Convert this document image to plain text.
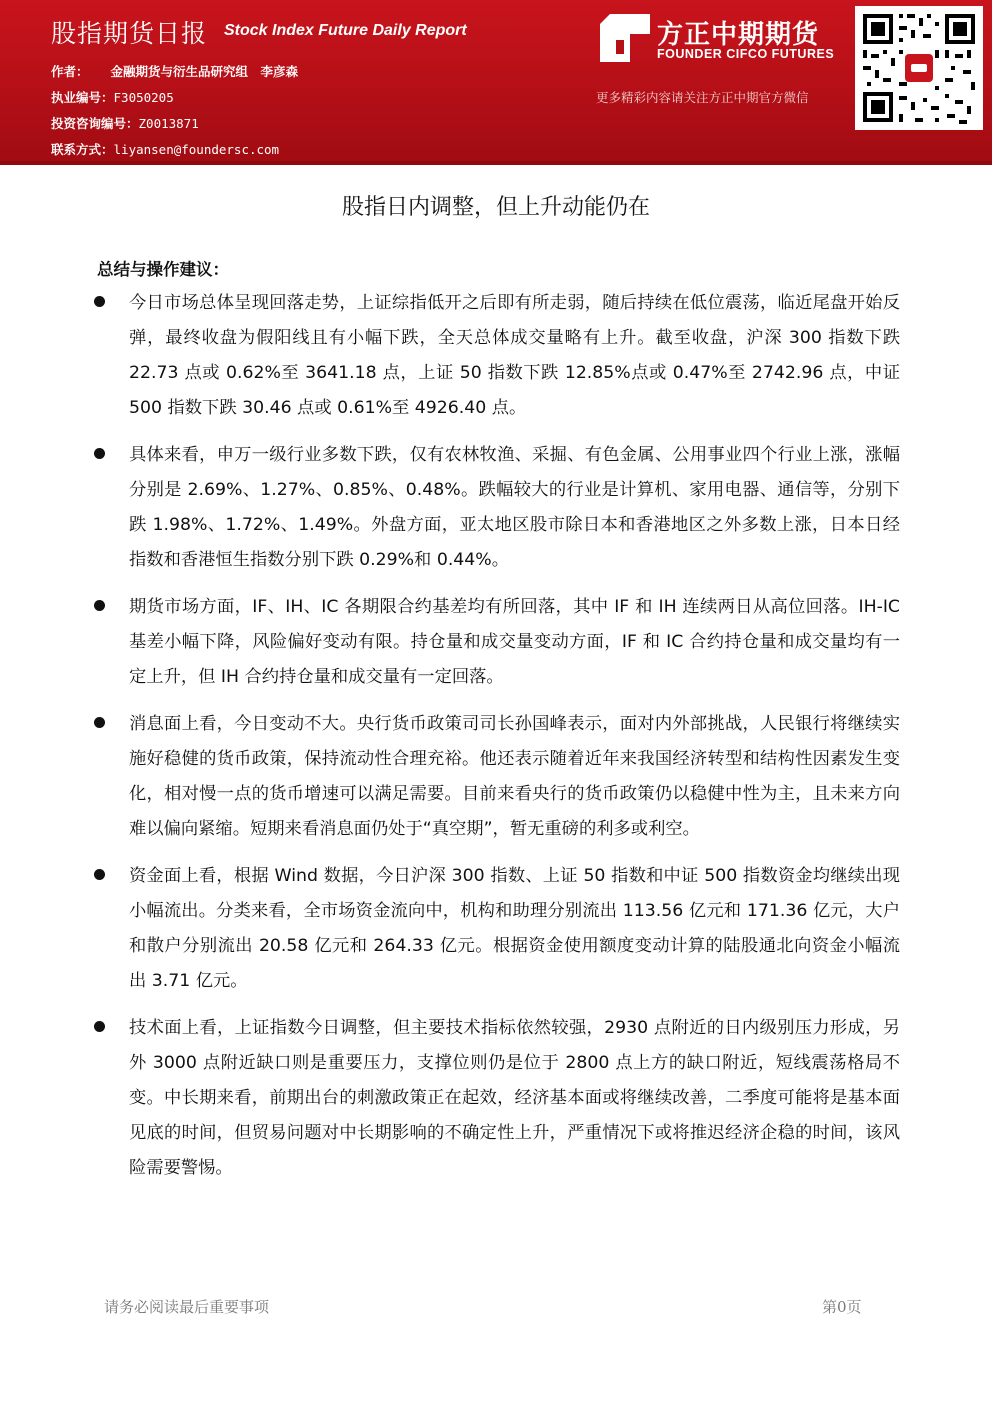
股指期货日报 Stock Index Future Daily Report
作者： 金融期货与衍生品研究组　李彦森
执业编号：F3050205
投资咨询编号：Z0013871
联系方式：liyansen@foundersc.com
方正中期期货
FOUNDER CIFCO FUTURES
更多精彩内容请关注方正中期官方微信
股指日内调整，但上升动能仍在
总结与操作建议：
今日市场总体呈现回落走势，上证综指低开之后即有所走弱，随后持续在低位震荡，临近尾盘开始反弹，最终收盘为假阳线且有小幅下跌，全天总体成交量略有上升。截至收盘，沪深 300 指数下跌 22.73 点或 0.62%至 3641.18 点，上证 50 指数下跌 12.85%点或 0.47%至 2742.96 点，中证 500 指数下跌 30.46 点或 0.61%至 4926.40 点。
具体来看，申万一级行业多数下跌，仅有农林牧渔、采掘、有色金属、公用事业四个行业上涨，涨幅分别是 2.69%、1.27%、0.85%、0.48%。跌幅较大的行业是计算机、家用电器、通信等，分别下跌 1.98%、1.72%、1.49%。外盘方面，亚太地区股市除日本和香港地区之外多数上涨，日本日经指数和香港恒生指数分别下跌 0.29%和 0.44%。
期货市场方面，IF、IH、IC 各期限合约基差均有所回落，其中 IF 和 IH 连续两日从高位回落。IH-IC 基差小幅下降，风险偏好变动有限。持仓量和成交量变动方面，IF 和 IC 合约持仓量和成交量均有一定上升，但 IH 合约持仓量和成交量有一定回落。
消息面上看，今日变动不大。央行货币政策司司长孙国峰表示，面对内外部挑战，人民银行将继续实施好稳健的货币政策，保持流动性合理充裕。他还表示随着近年来我国经济转型和结构性因素发生变化，相对慢一点的货币增速可以满足需要。目前来看央行的货币政策仍以稳健中性为主，且未来方向难以偏向紧缩。短期来看消息面仍处于“真空期”，暂无重磅的利多或利空。
资金面上看，根据 Wind 数据，今日沪深 300 指数、上证 50 指数和中证 500 指数资金均继续出现小幅流出。分类来看，全市场资金流向中，机构和助理分别流出 113.56 亿元和 171.36 亿元，大户和散户分别流出 20.58 亿元和 264.33 亿元。根据资金使用额度变动计算的陆股通北向资金小幅流出 3.71 亿元。
技术面上看，上证指数今日调整，但主要技术指标依然较强，2930 点附近的日内级别压力形成，另外 3000 点附近缺口则是重要压力，支撑位则仍是位于 2800 点上方的缺口附近，短线震荡格局不变。中长期来看，前期出台的刺激政策正在起效，经济基本面或将继续改善，二季度可能将是基本面见底的时间，但贸易问题对中长期影响的不确定性上升，严重情况下或将推迟经济企稳的时间，该风险需要警惕。
请务必阅读最后重要事项	第0页
